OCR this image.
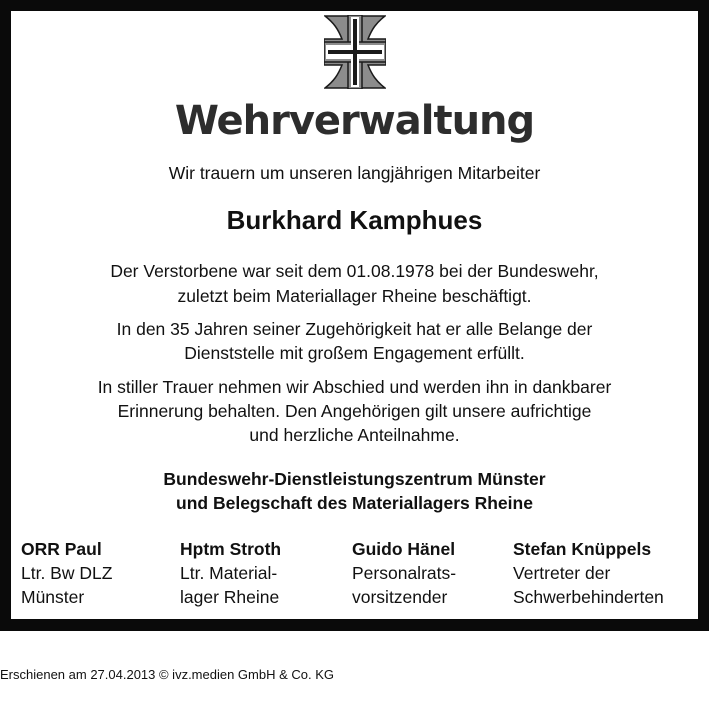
Wehrverwaltung
Wir trauern um unseren langjährigen Mitarbeiter
Burkhard Kamphues
Der Verstorbene war seit dem 01.08.1978 bei der Bundeswehr,
zuletzt beim Materiallager Rheine beschäftigt.
In den 35 Jahren seiner Zugehörigkeit hat er alle Belange der
Dienststelle mit großem Engagement erfüllt.
In stiller Trauer nehmen wir Abschied und werden ihn in dankbarer
Erinnerung behalten. Den Angehörigen gilt unsere aufrichtige
und herzliche Anteilnahme.
Bundeswehr-Dienstleistungszentrum Münster
und Belegschaft des Materiallagers Rheine
ORR Paul
Ltr. Bw DLZ
Münster
Hptm Stroth
Ltr. Material-
lager Rheine
Guido Hänel
Personalrats-
vorsitzender
Stefan Knüppels
Vertreter der
Schwerbehinderten
Erschienen am 27.04.2013 © ivz.medien GmbH & Co. KG
